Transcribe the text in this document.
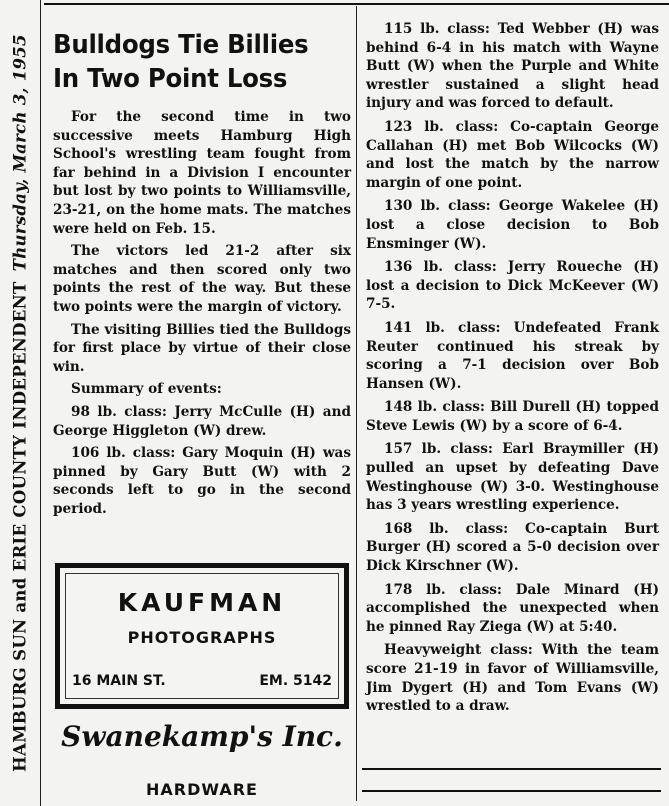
HAMBURG SUN and ERIE COUNTY INDEPENDENTThursday, March 3, 1955 Bulldogs Tie Billies
In Two Point Loss

For the second time in two successive meets Hamburg High School's wrestling team fought from far behind in a Division I encounter but lost by two points to Williamsville, 23-21, on the home mats. The matches were held on Feb. 15.

The victors led 21-2 after six matches and then scored only two points the rest of the way. But these two points were the margin of victory.

The visiting Billies tied the Bulldogs for first place by virtue of their close win.

Summary of events:

98 lb. class: Jerry McCulle (H) and George Higgleton (W) drew.

106 lb. class: Gary Moquin (H) was pinned by Gary Butt (W) with 2 seconds left to go in the second period.

KAUFMAN
PHOTOGRAPHS
16 MAIN ST.	EM. 5142
Swanekamp's Inc.
HARDWARE

115 lb. class: Ted Webber (H) was behind 6-4 in his match with Wayne Butt (W) when the Purple and White wrestler sustained a slight head injury and was forced to default.

123 lb. class: Co-captain George Callahan (H) met Bob Wilcocks (W) and lost the match by the narrow margin of one point.

130 lb. class: George Wakelee (H) lost a close decision to Bob Ensminger (W).

136 lb. class: Jerry Roueche (H) lost a decision to Dick McKeever (W) 7-5.

141 lb. class: Undefeated Frank Reuter continued his streak by scoring a 7-1 decision over Bob Hansen (W).

148 lb. class: Bill Durell (H) topped Steve Lewis (W) by a score of 6-4.

157 lb. class: Earl Braymiller (H) pulled an upset by defeating Dave Westinghouse (W) 3-0. Westinghouse has 3 years wrestling experience.

168 lb. class: Co-captain Burt Burger (H) scored a 5-0 decision over Dick Kirschner (W).

178 lb. class: Dale Minard (H) accomplished the unexpected when he pinned Ray Ziega (W) at 5:40.

Heavyweight class: With the team score 21-19 in favor of Williamsville, Jim Dygert (H) and Tom Evans (W) wrestled to a draw.
